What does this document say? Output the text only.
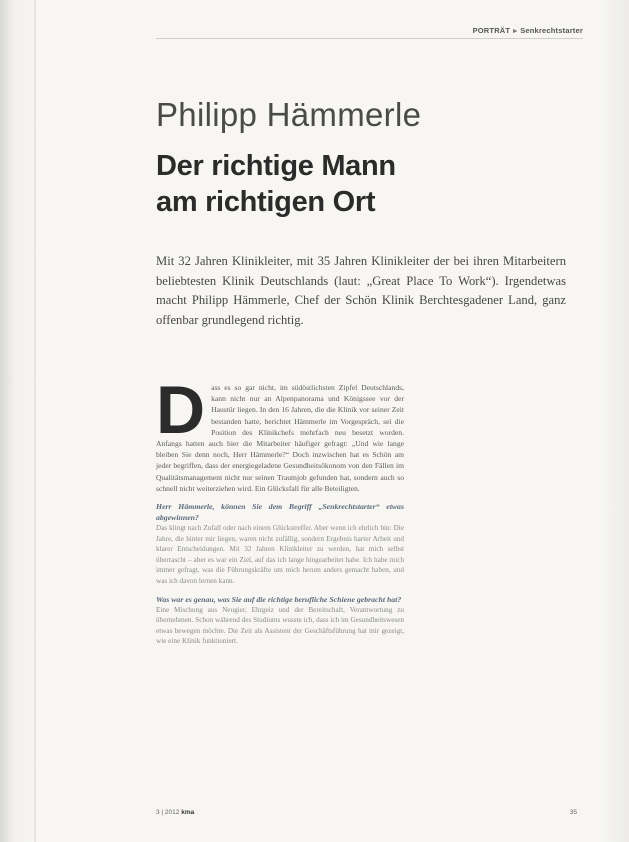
PORTRÄT ▸ Senkrechtstarter
Philipp Hämmerle
Der richtige Mann
am richtigen Ort
Mit 32 Jahren Klinikleiter, mit 35 Jahren Klinikleiter der bei ihren Mitarbeitern beliebtesten Klinik Deutschlands (laut: „Great Place To Work“). Irgendetwas macht Philipp Hämmerle, Chef der Schön Klinik Berchtesgadener Land, ganz offenbar grundlegend richtig.
Dass es so gar nicht, im südöstlichsten Zipfel Deutschlands, kann nicht nur an Alpenpanorama und Königssee vor der Haustür liegen. In den 16 Jahren, die die Klinik vor seiner Zeit bestanden hatte, berichtet Hämmerle im Vorgespräch, sei die Position des Klinikchefs mehrfach neu besetzt worden. Anfangs hatten auch hier die Mitarbeiter häufiger gefragt: „Und wie lange bleiben Sie denn noch, Herr Hämmerle?“ Doch inzwischen hat es Schön am jeder begriffen, dass der energiegeladene Gesundheitsökonom von den Fällen im Qualitätsmanagement nicht nur seinen Traumjob gefunden hat, sondern auch so schnell nicht weiterziehen wird. Ein Glücksfall für alle Beteiligten.
Herr Hämmerle, können Sie dem Begriff „Senkrechtstarter“ etwas abgewinnen?
Das klingt nach Zufall oder nach einem Glückstreffer. Aber wenn ich ehrlich bin: Die Jahre, die hinter mir liegen, waren nicht zufällig, sondern Ergebnis harter Arbeit und klarer Entscheidungen. Mit 32 Jahren Klinikleiter zu werden, hat mich selbst überrascht – aber es war ein Ziel, auf das ich lange hingearbeitet habe. Ich habe mich immer gefragt, was die Führungskräfte um mich herum anders gemacht haben, und was ich davon lernen kann.
Was war es genau, was Sie auf die richtige berufliche Schiene gebracht hat?
Eine Mischung aus Neugier, Ehrgeiz und der Bereitschaft, Verantwortung zu übernehmen. Schon während des Studiums wusste ich, dass ich im Gesundheitswesen etwas bewegen möchte. Die Zeit als Assistent der Geschäftsführung hat mir gezeigt, wie eine Klinik funktioniert.
3 | 2012 kma	35
